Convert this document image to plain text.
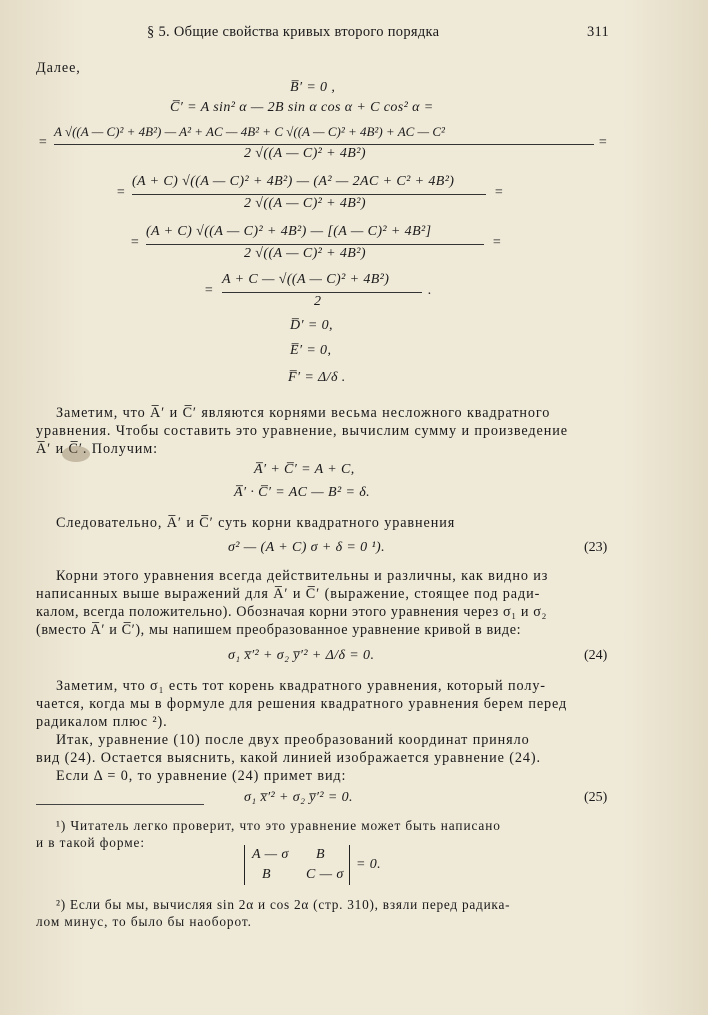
§ 5. Общие свойства кривых второго порядка	311
Далее,
B̅′ = 0 ,
C̅′ = A sin² α — 2B sin α cos α + C cos² α =
=
A √((A — C)² + 4B²) — A² + AC — 4B² + C √((A — C)² + 4B²) + AC — C²
2 √((A — C)² + 4B²)
=
=
(A + C) √((A — C)² + 4B²) — (A² — 2AC + C² + 4B²)
2 √((A — C)² + 4B²)
=
=
(A + C) √((A — C)² + 4B²) — [(A — C)² + 4B²]
2 √((A — C)² + 4B²)
=
=
A + C — √((A — C)² + 4B²)
2
.
D̅′ = 0,
E̅′ = 0,
F̅′ = Δ/δ .
Заметим, что A̅′ и C̅′ являются корнями весьма несложного квадратного
уравнения. Чтобы составить это уравнение, вычислим сумму и произведение
A̅′ и C̅′. Получим:
A̅′ + C̅′ = A + C,
A̅′ · C̅′ = AC — B² = δ.
Следовательно, A̅′ и C̅′ суть корни квадратного уравнения
σ² — (A + C) σ + δ = 0 ¹).	(23)
Корни этого уравнения всегда действительны и различны, как видно из
написанных выше выражений для A̅′ и C̅′ (выражение, стоящее под ради-
калом, всегда положительно). Обозначая корни этого уравнения через σ₁ и σ₂
(вместо A̅′ и C̅′), мы напишем преобразованное уравнение кривой в виде:
σ₁ x̅′² + σ₂ y̅′² + Δ/δ = 0.	(24)
Заметим, что σ₁ есть тот корень квадратного уравнения, который полу-
чается, когда мы в формуле для решения квадратного уравнения берем перед
радикалом плюс ²).
Итак, уравнение (10) после двух преобразований координат приняло
вид (24). Остается выяснить, какой линией изображается уравнение (24).
Если Δ = 0, то уравнение (24) примет вид:
σ₁ x̅′² + σ₂ y̅′² = 0.	(25)
¹) Читатель легко проверит, что это уравнение может быть написано
и в такой форме:
A — σ B
B	C — σ
= 0.
²) Если бы мы, вычисляя sin 2α и cos 2α (стр. 310), взяли перед радика-
лом минус, то было бы наоборот.
